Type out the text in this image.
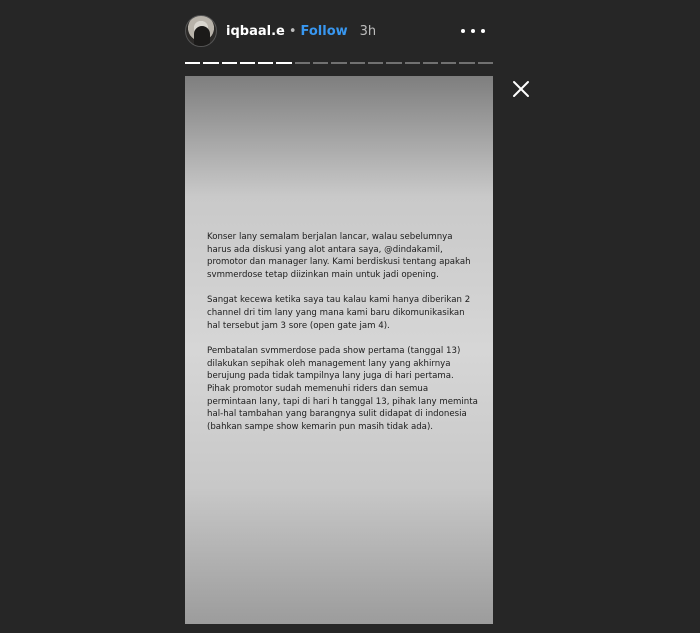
iqbaal.e • Follow 3h

Konser lany semalam berjalan lancar, walau sebelumnya harus ada diskusi yang alot antara saya, @dindakamil, promotor dan manager lany. Kami berdiskusi tentang apakah svmmerdose tetap diizinkan main untuk jadi opening.

Sangat kecewa ketika saya tau kalau kami hanya diberikan 2 channel dri tim lany yang mana kami baru dikomunikasikan hal tersebut jam 3 sore (open gate jam 4).

Pembatalan svmmerdose pada show pertama (tanggal 13) dilakukan sepihak oleh management lany yang akhirnya berujung pada tidak tampilnya lany juga di hari pertama. Pihak promotor sudah memenuhi riders dan semua permintaan lany, tapi di hari h tanggal 13, pihak lany meminta hal-hal tambahan yang barangnya sulit didapat di indonesia (bahkan sampe show kemarin pun masih tidak ada).
